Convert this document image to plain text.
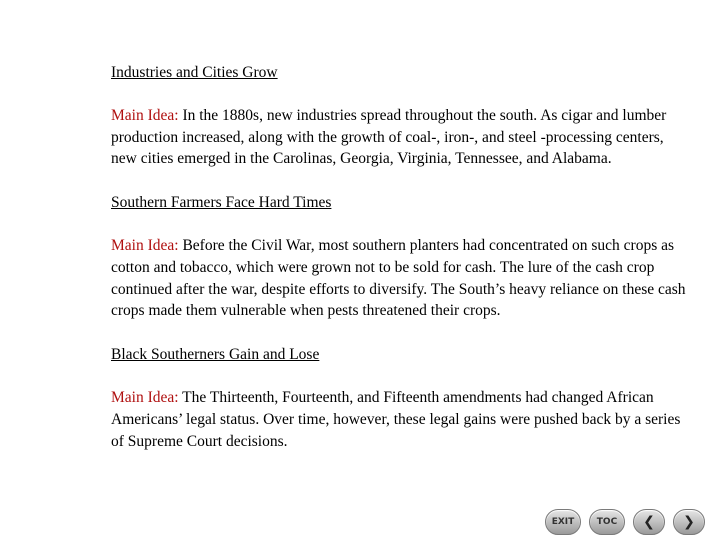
Industries and Cities Grow

Main Idea: In the 1880s, new industries spread throughout the south. As cigar and lumber production increased, along with the growth of coal-, iron-, and steel -processing centers, new cities emerged in the Carolinas, Georgia, Virginia, Tennessee, and Alabama.

Southern Farmers Face Hard Times

Main Idea: Before the Civil War, most southern planters had concentrated on such crops as cotton and tobacco, which were grown not to be sold for cash. The lure of the cash crop continued after the war, despite efforts to diversify. The South’s heavy reliance on these cash crops made them vulnerable when pests threatened their crops.

Black Southerners Gain and Lose

Main Idea: The Thirteenth, Fourteenth, and Fifteenth amendments had changed African Americans’ legal status. Over time, however, these legal gains were pushed back by a series of Supreme Court decisions.

EXIT	TOC	❮ ❯
